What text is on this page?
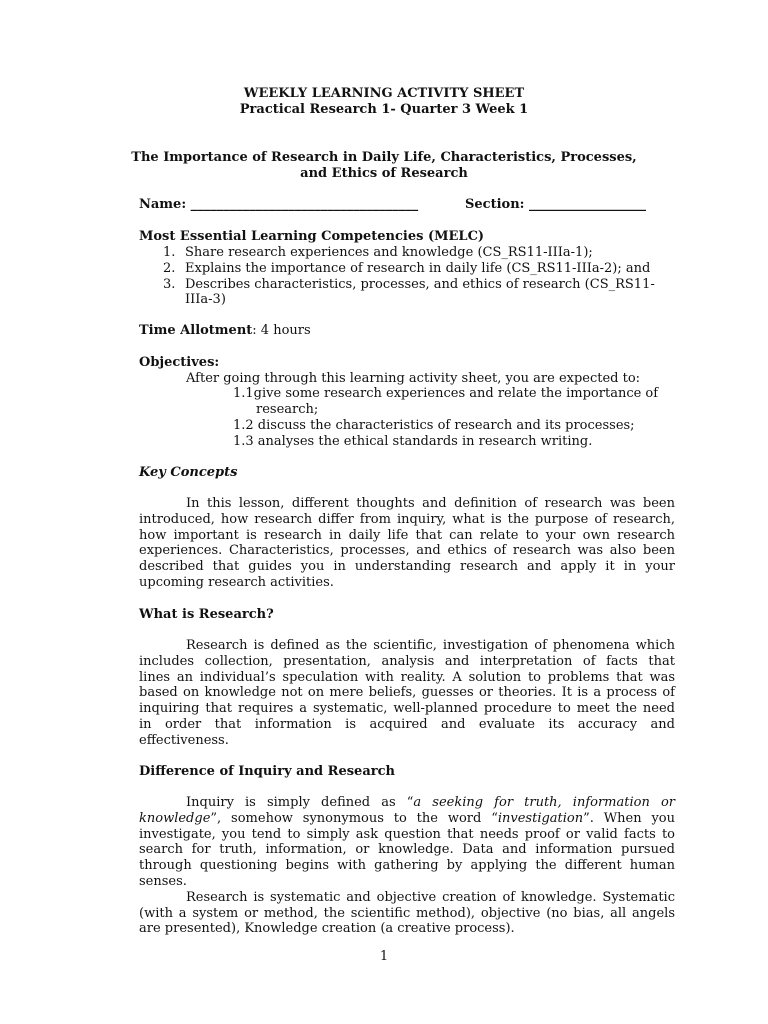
WEEKLY LEARNING ACTIVITY SHEET
Practical Research 1- Quarter 3 Week 1
The Importance of Research in Daily Life, Characteristics, Processes,
and Ethics of Research
Name: ___________________________________	Section: __________________
Most Essential Learning Competencies (MELC)
1. Share research experiences and knowledge (CS_RS11-IIIa-1);
2. Explains the importance of research in daily life (CS_RS11-IIIa-2); and
3. Describes characteristics, processes, and ethics of research (CS_RS11-
IIIa-3)
Time Allotment: 4 hours
Objectives:
After going through this learning activity sheet, you are expected to:
1.1give some research experiences and relate the importance of
research;
1.2 discuss the characteristics of research and its processes;
1.3 analyses the ethical standards in research writing.
Key Concepts
In this lesson, different thoughts and definition of research was been
introduced, how research differ from inquiry, what is the purpose of research,
how important is research in daily life that can relate to your own research
experiences. Characteristics, processes, and ethics of research was also been
described that guides you in understanding research and apply it in your
upcoming research activities.
What is Research?
Research is defined as the scientific, investigation of phenomena which
includes collection, presentation, analysis and interpretation of facts that
lines an individual’s speculation with reality. A solution to problems that was
based on knowledge not on mere beliefs, guesses or theories. It is a process of
inquiring that requires a systematic, well-planned procedure to meet the need
in order that information is acquired and evaluate its accuracy and
effectiveness.
Difference of Inquiry and Research
Inquiry is simply defined as “a seeking for truth, information or
knowledge”, somehow synonymous to the word “investigation”. When you
investigate, you tend to simply ask question that needs proof or valid facts to
search for truth, information, or knowledge. Data and information pursued
through questioning begins with gathering by applying the different human
senses.
Research is systematic and objective creation of knowledge. Systematic
(with a system or method, the scientific method), objective (no bias, all angels
are presented), Knowledge creation (a creative process).
1
